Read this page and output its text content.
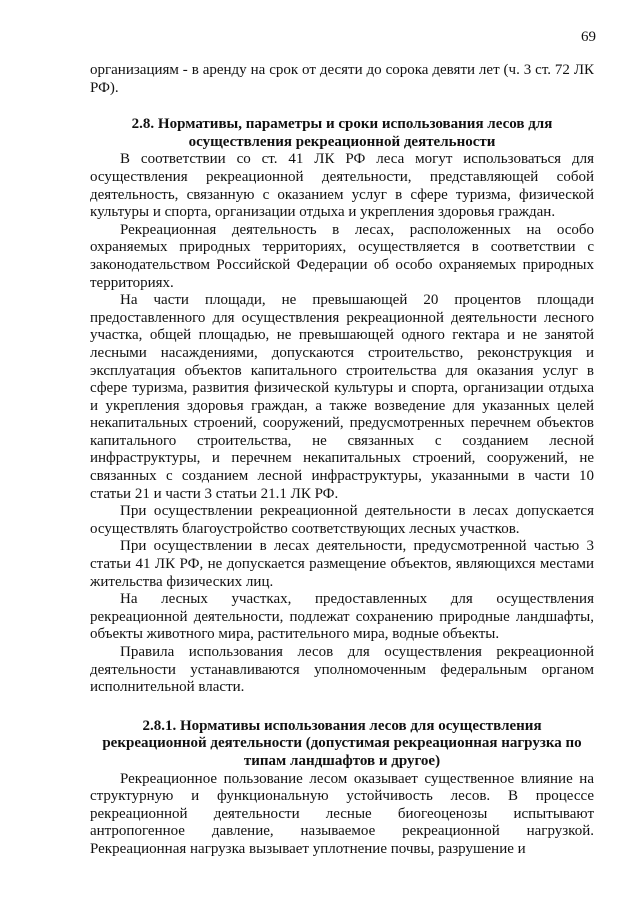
69

организациям - в аренду на срок от десяти до сорока девяти лет (ч. 3 ст. 72 ЛК РФ).

2.8. Нормативы, параметры и сроки использования лесов для осуществления рекреационной деятельности

В соответствии со ст. 41 ЛК РФ леса могут использоваться для осуществления рекреационной деятельности, представляющей собой деятельность, связанную с оказанием услуг в сфере туризма, физической культуры и спорта, организации отдыха и укрепления здоровья граждан.

Рекреационная деятельность в лесах, расположенных на особо охраняемых природных территориях, осуществляется в соответствии с законодательством Российской Федерации об особо охраняемых природных территориях.

На части площади, не превышающей 20 процентов площади предоставленного для осуществления рекреационной деятельности лесного участка, общей площадью, не превышающей одного гектара и не занятой лесными насаждениями, допускаются строительство, реконструкция и эксплуатация объектов капитального строительства для оказания услуг в сфере туризма, развития физической культуры и спорта, организации отдыха и укрепления здоровья граждан, а также возведение для указанных целей некапитальных строений, сооружений, предусмотренных перечнем объектов капитального строительства, не связанных с созданием лесной инфраструктуры, и перечнем некапитальных строений, сооружений, не связанных с созданием лесной инфраструктуры, указанными в части 10 статьи 21 и части 3 статьи 21.1 ЛК РФ.

При осуществлении рекреационной деятельности в лесах допускается осуществлять благоустройство соответствующих лесных участков.

При осуществлении в лесах деятельности, предусмотренной частью 3 статьи 41 ЛК РФ, не допускается размещение объектов, являющихся местами жительства физических лиц.

На лесных участках, предоставленных для осуществления рекреационной деятельности, подлежат сохранению природные ландшафты, объекты животного мира, растительного мира, водные объекты.

Правила использования лесов для осуществления рекреационной деятельности устанавливаются уполномоченным федеральным органом исполнительной власти.

2.8.1. Нормативы использования лесов для осуществления рекреационной деятельности (допустимая рекреационная нагрузка по типам ландшафтов и другое)

Рекреационное пользование лесом оказывает существенное влияние на структурную и функциональную устойчивость лесов. В процессе рекреационной деятельности лесные биогеоценозы испытывают антропогенное давление, называемое рекреационной нагрузкой. Рекреационная нагрузка вызывает уплотнение почвы, разрушение и
